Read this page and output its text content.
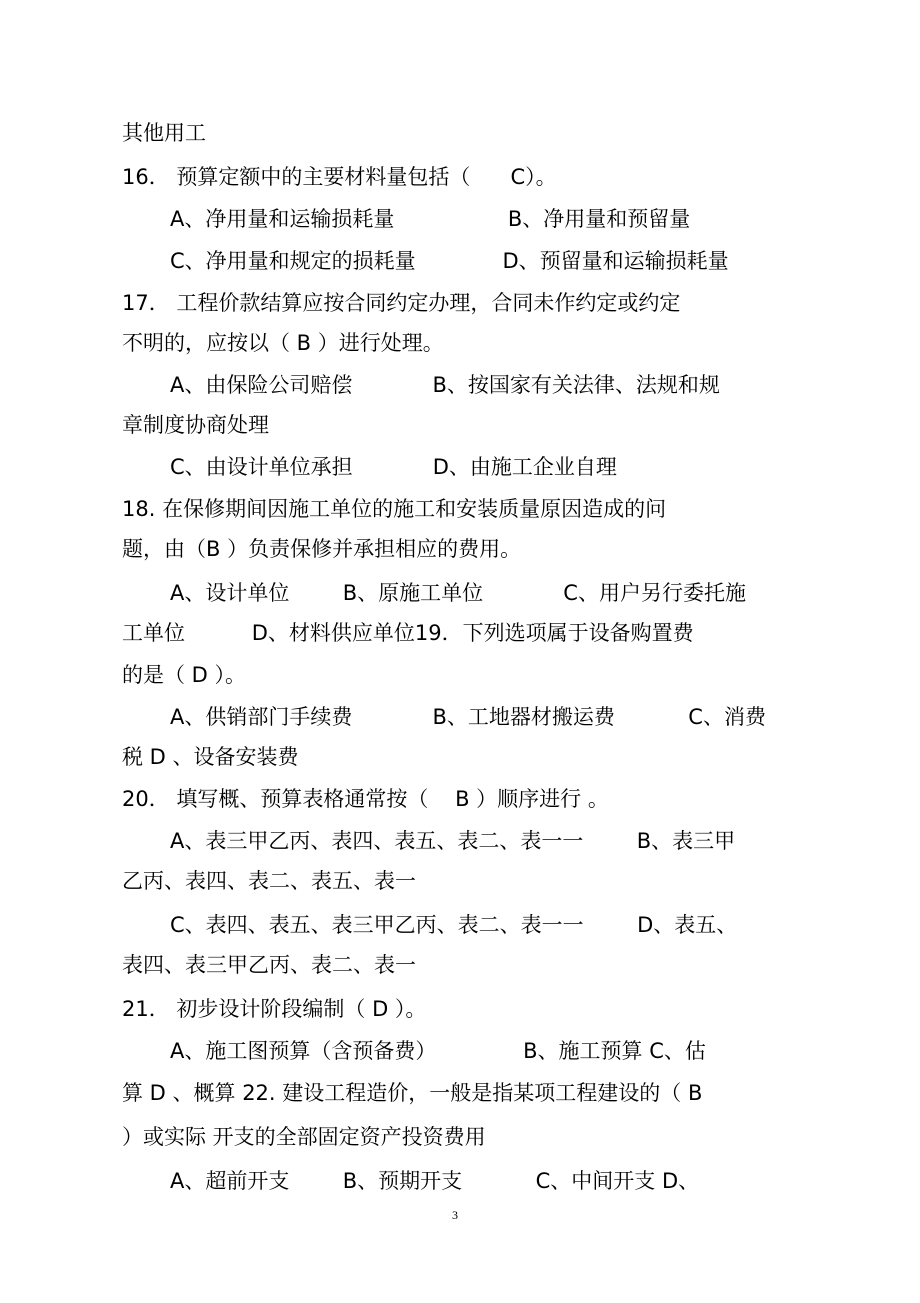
其他用工
16． 预算定额中的主要材料量包括（      C）。
A、净用量和运输损耗量                 B、净用量和预留量
C、净用量和规定的损耗量             D、预留量和运输损耗量
17． 工程价款结算应按合同约定办理，合同未作约定或约定
不明的，应按以（ B ）进行处理。
A、由保险公司赔偿            B、按国家有关法律、法规和规
章制度协商处理
C、由设计单位承担            D、由施工企业自理
18. 在保修期间因施工单位的施工和安装质量原因造成的问
题，由（B ）负责保修并承担相应的费用。
A、设计单位        B、原施工单位            C、用户另行委托施
工单位          D、材料供应单位19．下列选项属于设备购置费
的是（ D ）。
A、供销部门手续费            B、工地器材搬运费           C、消费
税 D 、设备安装费
20． 填写概、预算表格通常按（    B ）顺序进行 。
A、表三甲乙丙、表四、表五、表二、表一一        B、表三甲
乙丙、表四、表二、表五、表一
C、表四、表五、表三甲乙丙、表二、表一一        D、表五、
表四、表三甲乙丙、表二、表一
21． 初步设计阶段编制（ D ）。
A、施工图预算（含预备费）             B、施工预算 C、估
算 D 、概算 22. 建设工程造价，一般是指某项工程建设的（ B
）或实际 开支的全部固定资产投资费用
A、超前开支        B、预期开支           C、中间开支 D、
3
